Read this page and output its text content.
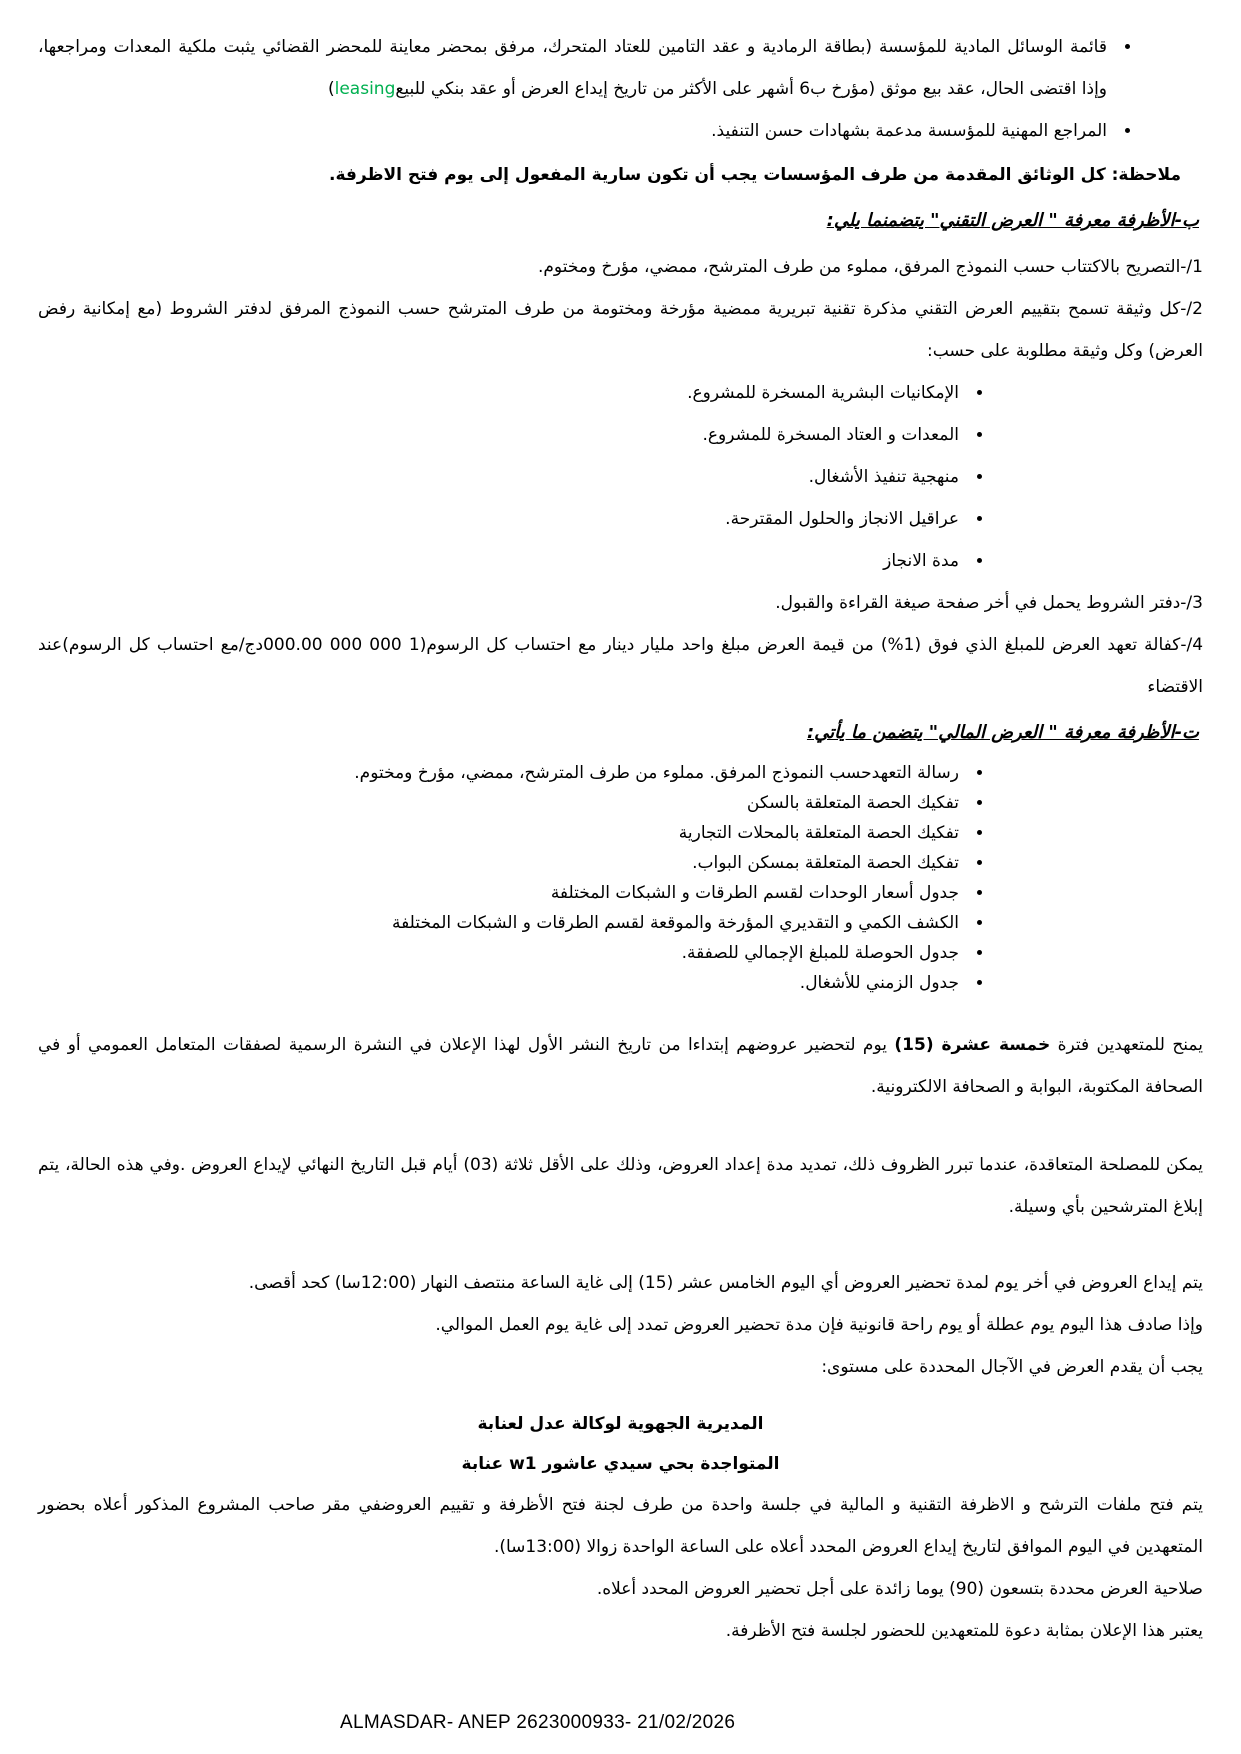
• قائمة الوسائل المادية للمؤسسة (بطاقة الرمادية و عقد التامين للعتاد المتحرك، مرفق بمحضر معاينة للمحضر القضائي يثبت ملكية المعدات ومراجعها، وإذا اقتضى الحال، عقد بيع موثق (مؤرخ ب6 أشهر على الأكثر من تاريخ إيداع العرض أو عقد بنكي للبيعleasing)
• المراجع المهنية للمؤسسة مدعمة بشهادات حسن التنفيذ.

ملاحظة: كل الوثائق المقدمة من طرف المؤسسات يجب أن تكون سارية المفعول إلى يوم فتح الاظرفة.

ب-الأظرفة معرفة " العرض التقني" يتضمنما يلي:

1/-التصريح بالاكتتاب حسب النموذج المرفق، مملوء من طرف المترشح، ممضي، مؤرخ ومختوم.

2/-كل وثيقة تسمح بتقييم العرض التقني مذكرة تقنية تبريرية ممضية مؤرخة ومختومة من طرف المترشح حسب النموذج المرفق لدفتر الشروط (مع إمكانية رفض العرض) وكل وثيقة مطلوبة على حسب:

• الإمكانيات البشرية المسخرة للمشروع.
• المعدات و العتاد المسخرة للمشروع.
• منهجية تنفيذ الأشغال.
• عراقيل الانجاز والحلول المقترحة.
• مدة الانجاز

3/-دفتر الشروط يحمل في أخر صفحة صيغة القراءة والقبول.

4/-كفالة تعهد العرض للمبلغ الذي فوق (1%) من قيمة العرض مبلغ واحد مليار دينار مع احتساب كل الرسوم(1 000 000 000.00دج/مع احتساب كل الرسوم)عند الاقتضاء

ت-الأظرفة معرفة " العرض المالي" يتضمن ما يأتي:
• رسالة التعهدحسب النموذج المرفق. مملوء من طرف المترشح، ممضي، مؤرخ ومختوم.
• تفكيك الحصة المتعلقة بالسكن
• تفكيك الحصة المتعلقة بالمحلات التجارية
• تفكيك الحصة المتعلقة بمسكن البواب.
• جدول أسعار الوحدات لقسم الطرقات و الشبكات المختلفة
• الكشف الكمي و التقديري المؤرخة والموقعة لقسم الطرقات و الشبكات المختلفة
• جدول الحوصلة للمبلغ الإجمالي للصفقة.
• جدول الزمني للأشغال.

يمنح للمتعهدين فترة خمسة عشرة (15) يوم لتحضير عروضهم إبتداءا من تاريخ النشر الأول لهذا الإعلان في النشرة الرسمية لصفقات المتعامل العمومي أو في الصحافة المكتوبة، البوابة و الصحافة الالكترونية.

يمكن للمصلحة المتعاقدة، عندما تبرر الظروف ذلك، تمديد مدة إعداد العروض، وذلك على الأقل ثلاثة (03) أيام قبل التاريخ النهائي لإيداع العروض .وفي هذه الحالة، يتم إبلاغ المترشحين بأي وسيلة.

يتم إيداع العروض في أخر يوم لمدة تحضير العروض أي اليوم الخامس عشر (15) إلى غاية الساعة منتصف النهار (12:00سا) كحد أقصى.

وإذا صادف هذا اليوم يوم عطلة أو يوم راحة قانونية فإن مدة تحضير العروض تمدد إلى غاية يوم العمل الموالي.

يجب أن يقدم العرض في الآجال المحددة على مستوى:

المديرية الجهوية لوكالة عدل لعنابة
المتواجدة بحي سيدي عاشور w1 عنابة

يتم فتح ملفات الترشح و الاظرفة التقنية و المالية في جلسة واحدة من طرف لجنة فتح الأظرفة و تقييم العروضفي مقر صاحب المشروع المذكور أعلاه بحضور المتعهدين في اليوم الموافق لتاريخ إيداع العروض المحدد أعلاه على الساعة الواحدة زوالا (13:00سا).

صلاحية العرض محددة بتسعون (90) يوما زائدة على أجل تحضير العروض المحدد أعلاه.

يعتبر هذا الإعلان بمثابة دعوة للمتعهدين للحضور لجلسة فتح الأظرفة.

ALMASDAR- ANEP 2623000933- 21/02/2026
